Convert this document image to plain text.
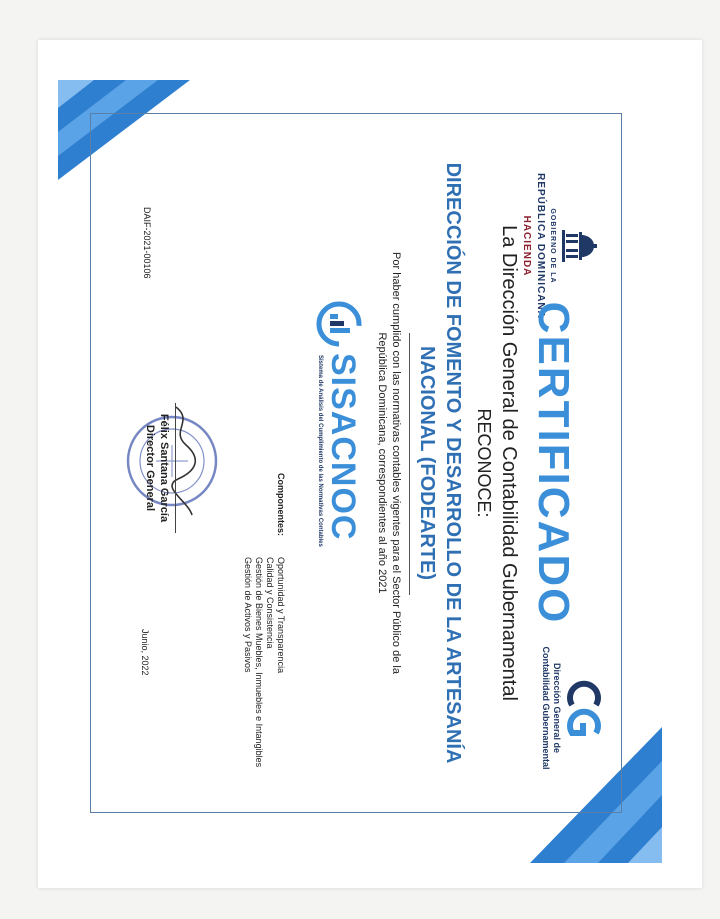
GOBIERNO DE LA
REPÚBLICA DOMINICANA
HACIENDA
CG
Dirección General de
Contabilidad Gubernamental
CERTIFICADO
La Dirección General de Contabilidad Gubernamental
RECONOCE:
DIRECCIÓN DE FOMENTO Y DESARROLLO DE LA ARTESANÍA
NACIONAL (FODEARTE)
Por haber cumplido con las normativas contables vigentes para el Sector Público de la
República Dominicana, correspondientes al año 2021
SISACNOC
Sistema de Análisis del Cumplimiento de las Normativas Contables
Componentes:
Oportunidad y Transparencia
Calidad y Consistencia
Gestión de Bienes Muebles, Inmuebles e Intangibles
Gestión de Activos y Pasivos
DAIF-2021-00106
Félix Santana García
Director General
Junio, 2022
